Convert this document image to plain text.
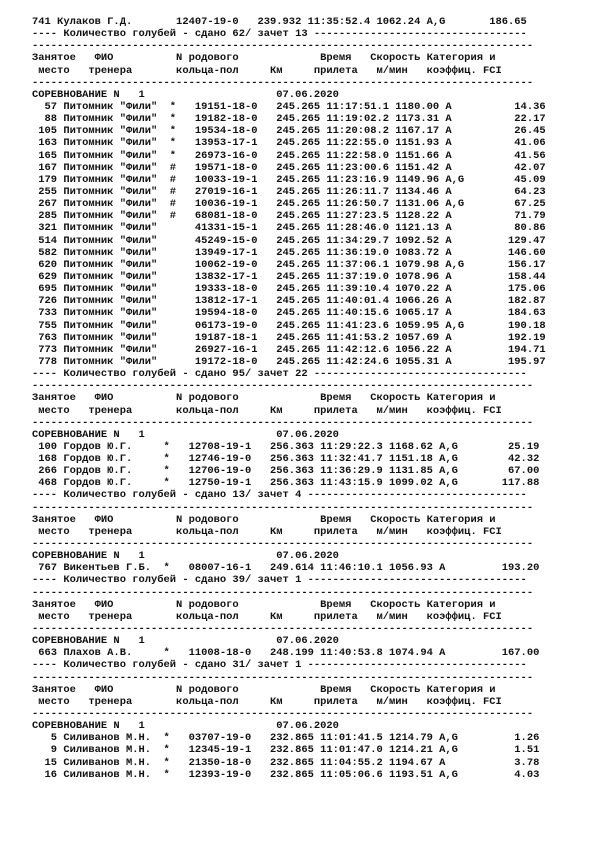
741 Кулаков Г.Д.       12407-19-0   239.932 11:35:52.4 1062.24 A,G       186.65
---- Количество голубей - сдано 62/ зачет 13 ----------------------------------
--------------------------------------------------------------------------------
Занятое   ФИО          N родового             Время   Скорость Категория и
место   тренера       кольца-пол     Км     прилета   м/мин   коэффиц. FCI
--------------------------------------------------------------------------------
СОРЕВНОВАНИЕ N   1                     07.06.2020
57 Питомник "Фили"  *   19151-18-0   245.265 11:17:51.1 1180.00 A          14.36
88 Питомник "Фили"  *   19182-18-0   245.265 11:19:02.2 1173.31 A          22.17
105 Питомник "Фили"  *   19534-18-0   245.265 11:20:08.2 1167.17 A          26.45
163 Питомник "Фили"  *   13953-17-1   245.265 11:22:55.0 1151.93 A          41.06
165 Питомник "Фили"  *   26973-16-0   245.265 11:22:58.0 1151.66 A          41.56
167 Питомник "Фили"  #   19571-18-0   245.265 11:23:00.6 1151.42 A          42.07
179 Питомник "Фили"  #   10033-19-1   245.265 11:23:16.9 1149.96 A,G        45.09
255 Питомник "Фили"  #   27019-16-1   245.265 11:26:11.7 1134.46 A          64.23
267 Питомник "Фили"  #   10036-19-1   245.265 11:26:50.7 1131.06 A,G        67.25
285 Питомник "Фили"  #   68081-18-0   245.265 11:27:23.5 1128.22 A          71.79
321 Питомник "Фили"      41331-15-1   245.265 11:28:46.0 1121.13 A          80.86
514 Питомник "Фили"      45249-15-0   245.265 11:34:29.7 1092.52 A         129.47
582 Питомник "Фили"      13949-17-1   245.265 11:36:19.0 1083.72 A         146.60
620 Питомник "Фили"      10062-19-0   245.265 11:37:06.1 1079.98 A,G       156.17
629 Питомник "Фили"      13832-17-1   245.265 11:37:19.0 1078.96 A         158.44
695 Питомник "Фили"      19333-18-0   245.265 11:39:10.4 1070.22 A         175.06
726 Питомник "Фили"      13812-17-1   245.265 11:40:01.4 1066.26 A         182.87
733 Питомник "Фили"      19594-18-0   245.265 11:40:15.6 1065.17 A         184.63
755 Питомник "Фили"      06173-19-0   245.265 11:41:23.6 1059.95 A,G       190.18
763 Питомник "Фили"      19187-18-1   245.265 11:41:53.2 1057.69 A         192.19
773 Питомник "Фили"      26927-16-1   245.265 11:42:12.6 1056.22 A         194.71
778 Питомник "Фили"      19172-18-0   245.265 11:42:24.6 1055.31 A         195.97
---- Количество голубей - сдано 95/ зачет 22 ----------------------------------
--------------------------------------------------------------------------------
Занятое   ФИО          N родового             Время   Скорость Категория и
место   тренера       кольца-пол     Км     прилета   м/мин   коэффиц. FCI
--------------------------------------------------------------------------------
СОРЕВНОВАНИЕ N   1                     07.06.2020
100 Гордов Ю.Г.     *   12708-19-1   256.363 11:29:22.3 1168.62 A,G        25.19
168 Гордов Ю.Г.     *   12746-19-0   256.363 11:32:41.7 1151.18 A,G        42.32
266 Гордов Ю.Г.     *   12706-19-0   256.363 11:36:29.9 1131.85 A,G        67.00
468 Гордов Ю.Г.     *   12750-19-1   256.363 11:43:15.9 1099.02 A,G       117.88
---- Количество голубей - сдано 13/ зачет 4 -----------------------------------
--------------------------------------------------------------------------------
Занятое   ФИО          N родового             Время   Скорость Категория и
место   тренера       кольца-пол     Км     прилета   м/мин   коэффиц. FCI
--------------------------------------------------------------------------------
СОРЕВНОВАНИЕ N   1                     07.06.2020
767 Викентьев Г.Б.  *   08007-16-1   249.614 11:46:10.1 1056.93 A         193.20
---- Количество голубей - сдано 39/ зачет 1 -----------------------------------
--------------------------------------------------------------------------------
Занятое   ФИО          N родового             Время   Скорость Категория и
место   тренера       кольца-пол     Км     прилета   м/мин   коэффиц. FCI
--------------------------------------------------------------------------------
СОРЕВНОВАНИЕ N   1                     07.06.2020
663 Плахов А.В.     *   11008-18-0   248.199 11:40:53.8 1074.94 A         167.00
---- Количество голубей - сдано 31/ зачет 1 -----------------------------------
--------------------------------------------------------------------------------
Занятое   ФИО          N родового             Время   Скорость Категория и
место   тренера       кольца-пол     Км     прилета   м/мин   коэффиц. FCI
--------------------------------------------------------------------------------
СОРЕВНОВАНИЕ N   1                     07.06.2020
5 Силиванов М.Н.  *   03707-19-0   232.865 11:01:41.5 1214.79 A,G         1.26
9 Силиванов М.Н.  *   12345-19-1   232.865 11:01:47.0 1214.21 A,G         1.51
15 Силиванов М.Н.  *   21350-18-0   232.865 11:04:55.2 1194.67 A           3.78
16 Силиванов М.Н.  *   12393-19-0   232.865 11:05:06.6 1193.51 A,G         4.03
